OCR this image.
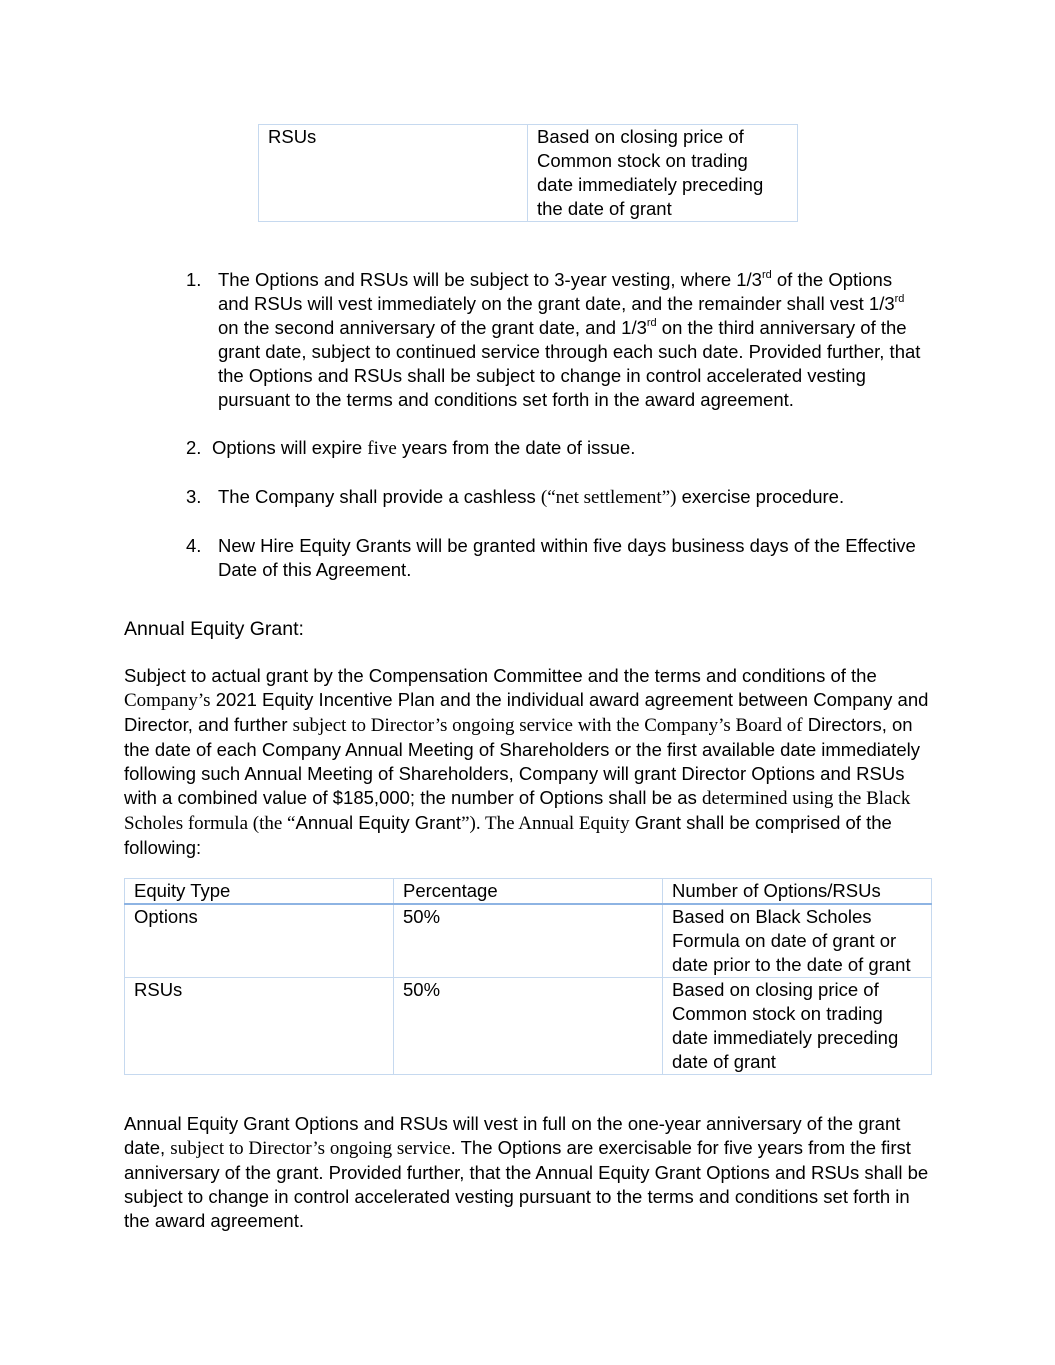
RSUs	Based on closing price of Common stock on trading date immediately preceding the date of grant
1. The Options and RSUs will be subject to 3-year vesting, where 1/3rd of the Options and RSUs will vest immediately on the grant date, and the remainder shall vest 1/3rd on the second anniversary of the grant date, and 1/3rd on the third anniversary of the grant date, subject to continued service through each such date. Provided further, that the Options and RSUs shall be subject to change in control accelerated vesting pursuant to the terms and conditions set forth in the award agreement.
2. Options will expire five years from the date of issue.
3. The Company shall provide a cashless (“net settlement”) exercise procedure.
4. New Hire Equity Grants will be granted within five days business days of the Effective Date of this Agreement.
Annual Equity Grant:

Subject to actual grant by the Compensation Committee and the terms and conditions of the Company’s 2021 Equity Incentive Plan and the individual award agreement between Company and Director, and further subject to Director’s ongoing service with the Company’s Board of Directors, on the date of each Company Annual Meeting of Shareholders or the first available date immediately following such Annual Meeting of Shareholders, Company will grant Director Options and RSUs with a combined value of $185,000; the number of Options shall be as determined using the Black Scholes formula (the “Annual Equity Grant”). The Annual Equity Grant shall be comprised of the following:

Equity Type	Percentage	Number of Options/RSUs
Options	50%	Based on Black Scholes Formula on date of grant or date prior to the date of grant
RSUs	50%	Based on closing price of Common stock on trading date immediately preceding date of grant

Annual Equity Grant Options and RSUs will vest in full on the one-year anniversary of the grant date, subject to Director’s ongoing service. The Options are exercisable for five years from the first anniversary of the grant. Provided further, that the Annual Equity Grant Options and RSUs shall be subject to change in control accelerated vesting pursuant to the terms and conditions set forth in the award agreement.
